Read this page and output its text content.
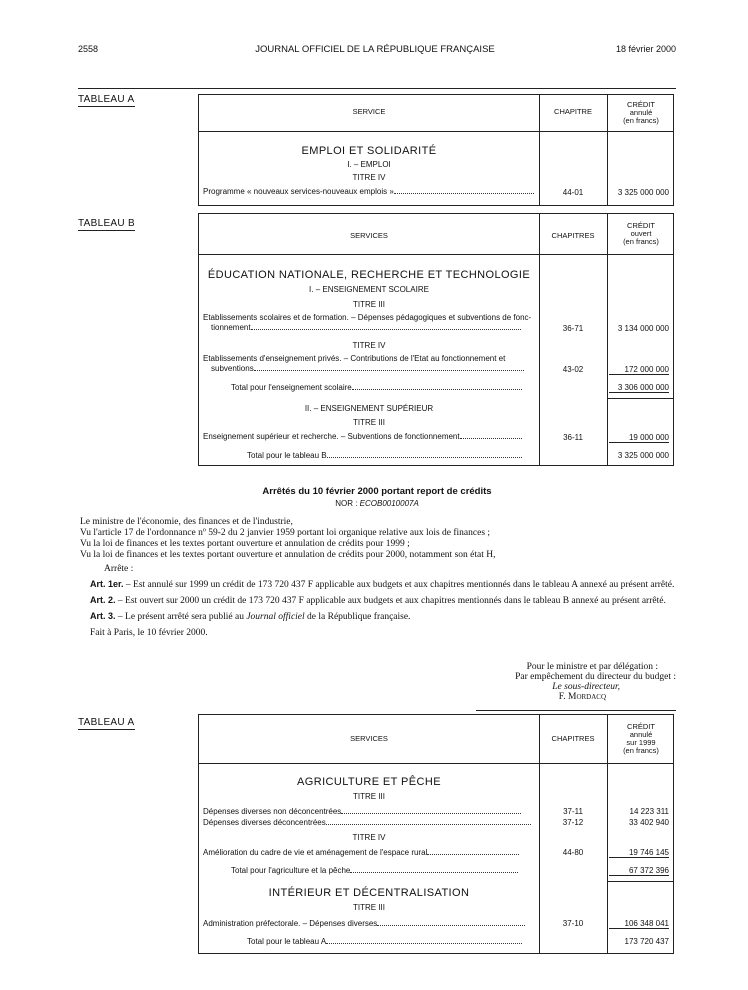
2558	JOURNAL OFFICIEL DE LA RÉPUBLIQUE FRANÇAISE	18 février 2000
TABLEAU A
SERVICE	CHAPITRE
CRÉDIT
annulé
(en francs)
EMPLOI ET SOLIDARITÉ
I. – EMPLOI
TITRE IV
Programme « nouveaux services-nouveaux emplois »	44-01	3 325 000 000
TABLEAU B
SERVICES	CHAPITRES
CRÉDIT
ouvert
(en francs)
ÉDUCATION NATIONALE, RECHERCHE ET TECHNOLOGIE
I. – ENSEIGNEMENT SCOLAIRE
TITRE III
Etablissements scolaires et de formation. – Dépenses pédagogiques et subventions de fonc-
tionnement	36-71	3 134 000 000
TITRE IV
Etablissements d'enseignement privés. – Contributions de l'Etat au fonctionnement et
subventions	43-02	172 000 000
Total pour l'enseignement scolaire	3 306 000 000
II. – ENSEIGNEMENT SUPÉRIEUR
TITRE III
Enseignement supérieur et recherche. – Subventions de fonctionnement	36-11	19 000 000
Total pour le tableau B	3 325 000 000
Arrêtés du 10 février 2000 portant report de crédits
NOR : ECOB0010007A
Le ministre de l'économie, des finances et de l'industrie,
Vu l'article 17 de l'ordonnance nº 59-2 du 2 janvier 1959 portant loi organique relative aux lois de finances ;
Vu la loi de finances et les textes portant ouverture et annulation de crédits pour 1999 ;
Vu la loi de finances et les textes portant ouverture et annulation de crédits pour 2000, notamment son état H,
Arrête :
Art. 1er. – Est annulé sur 1999 un crédit de 173 720 437 F applicable aux budgets et aux chapitres mentionnés dans le tableau A annexé au présent arrêté.
Art. 2. – Est ouvert sur 2000 un crédit de 173 720 437 F applicable aux budgets et aux chapitres mentionnés dans le tableau B annexé au présent arrêté.
Art. 3. – Le présent arrêté sera publié au Journal officiel de la République française.
Fait à Paris, le 10 février 2000.
Pour le ministre et par délégation :
Par empêchement du directeur du budget :
Le sous-directeur,
F. Mordacq
TABLEAU A
SERVICES	CHAPITRES
CRÉDIT
annulé
sur 1999
(en francs)
AGRICULTURE ET PÊCHE
TITRE III
Dépenses diverses non déconcentrées	37-11	14 223 311
Dépenses diverses déconcentrées	37-12	33 402 940
TITRE IV
Amélioration du cadre de vie et aménagement de l'espace rural	44-80	19 746 145
Total pour l'agriculture et la pêche	67 372 396
INTÉRIEUR ET DÉCENTRALISATION
TITRE III
Administration préfectorale. – Dépenses diverses	37-10	106 348 041
Total pour le tableau A	173 720 437
